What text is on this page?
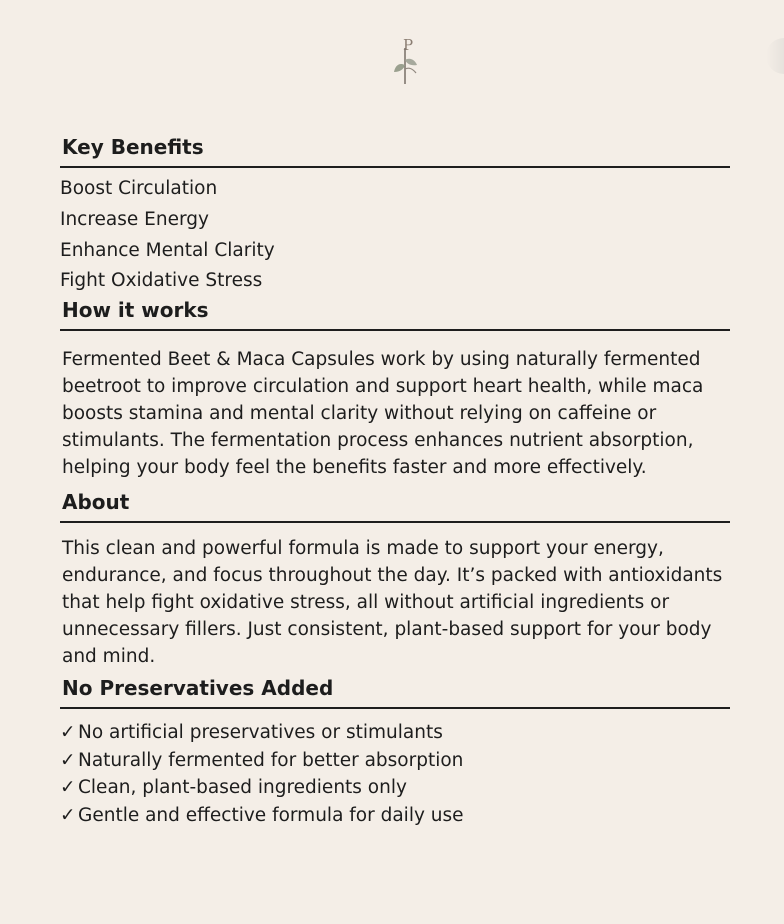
P
Key Benefits
Boost Circulation
Increase Energy
Enhance Mental Clarity
Fight Oxidative Stress
How it works

Fermented Beet & Maca Capsules work by using naturally fermented beetroot to improve circulation and support heart health, while maca boosts stamina and mental clarity without relying on caffeine or stimulants. The fermentation process enhances nutrient absorption, helping your body feel the benefits faster and more effectively.

About

This clean and powerful formula is made to support your energy, endurance, and focus throughout the day. It’s packed with antioxidants that help fight oxidative stress, all without artificial ingredients or unnecessary fillers. Just consistent, plant-based support for your body and mind.

No Preservatives Added
✓ No artificial preservatives or stimulants
✓ Naturally fermented for better absorption
✓ Clean, plant-based ingredients only
✓ Gentle and effective formula for daily use
